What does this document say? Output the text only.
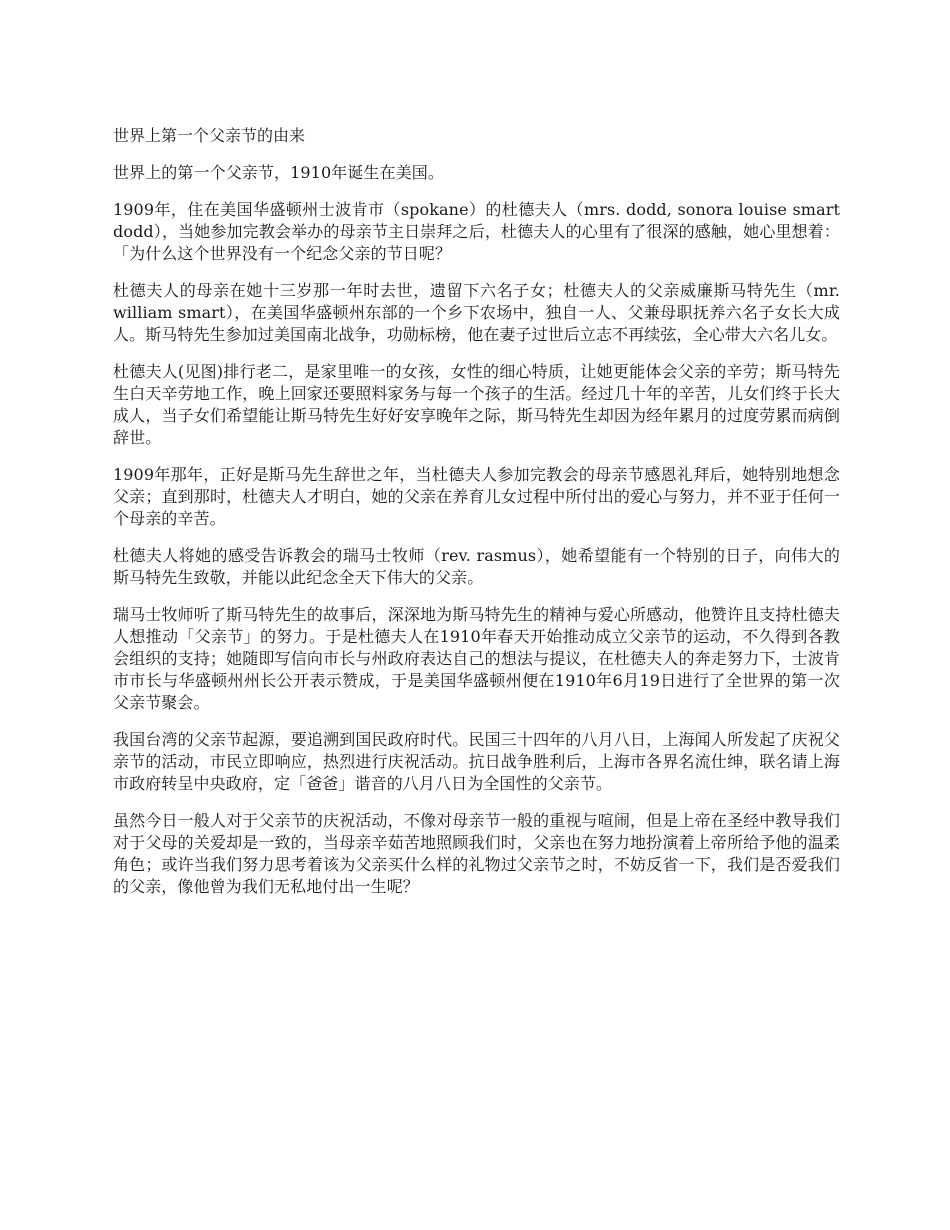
世界上第一个父亲节的由来

世界上的第一个父亲节，1910年诞生在美国。

1909年，住在美国华盛顿州士波肯市（spokane）的杜德夫人（mrs. dodd, sonora louise smart dodd），当她参加完教会举办的母亲节主日崇拜之后，杜德夫人的心里有了很深的感触，她心里想着：「为什么这个世界没有一个纪念父亲的节日呢？

杜德夫人的母亲在她十三岁那一年时去世，遗留下六名子女；杜德夫人的父亲威廉斯马特先生（mr. william smart），在美国华盛顿州东部的一个乡下农场中，独自一人、父兼母职抚养六名子女长大成人。斯马特先生参加过美国南北战争，功勋标榜，他在妻子过世后立志不再续弦，全心带大六名儿女。

杜德夫人(见图)排行老二，是家里唯一的女孩，女性的细心特质，让她更能体会父亲的辛劳；斯马特先生白天辛劳地工作，晚上回家还要照料家务与每一个孩子的生活。经过几十年的辛苦，儿女们终于长大成人，当子女们希望能让斯马特先生好好安享晚年之际，斯马特先生却因为经年累月的过度劳累而病倒辞世。

1909年那年，正好是斯马先生辞世之年，当杜德夫人参加完教会的母亲节感恩礼拜后，她特别地想念父亲；直到那时，杜德夫人才明白，她的父亲在养育儿女过程中所付出的爱心与努力，并不亚于任何一个母亲的辛苦。

杜德夫人将她的感受告诉教会的瑞马士牧师（rev. rasmus），她希望能有一个特别的日子，向伟大的斯马特先生致敬，并能以此纪念全天下伟大的父亲。

瑞马士牧师听了斯马特先生的故事后，深深地为斯马特先生的精神与爱心所感动，他赞许且支持杜德夫人想推动「父亲节」的努力。于是杜德夫人在1910年春天开始推动成立父亲节的运动，不久得到各教会组织的支持；她随即写信向市长与州政府表达自己的想法与提议，在杜德夫人的奔走努力下，士波肯市市长与华盛顿州州长公开表示赞成，于是美国华盛顿州便在1910年6月19日进行了全世界的第一次父亲节聚会。

我国台湾的父亲节起源，要追溯到国民政府时代。民国三十四年的八月八日，上海闻人所发起了庆祝父亲节的活动，市民立即响应，热烈进行庆祝活动。抗日战争胜利后，上海市各界名流仕绅，联名请上海市政府转呈中央政府，定「爸爸」谐音的八月八日为全国性的父亲节。

虽然今日一般人对于父亲节的庆祝活动，不像对母亲节一般的重视与喧闹，但是上帝在圣经中教导我们对于父母的关爱却是一致的，当母亲辛茹苦地照顾我们时，父亲也在努力地扮演着上帝所给予他的温柔角色；或许当我们努力思考着该为父亲买什么样的礼物过父亲节之时，不妨反省一下，我们是否爱我们的父亲，像他曾为我们无私地付出一生呢？
